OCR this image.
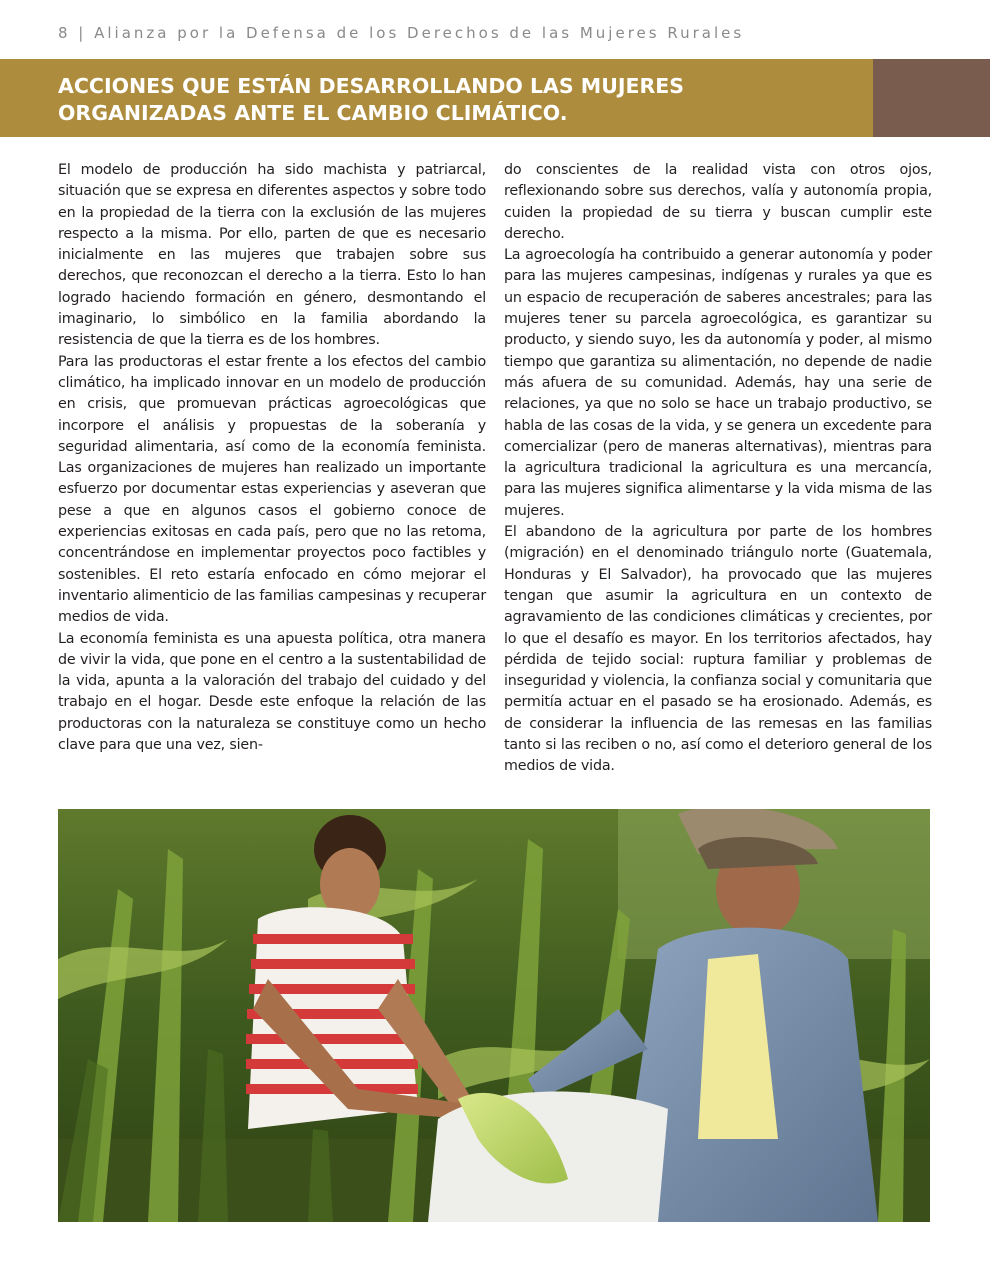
8 | Alianza por la Defensa de los Derechos de las Mujeres Rurales
ACCIONES QUE ESTÁN DESARROLLANDO LAS MUJERES ORGANIZADAS ANTE EL CAMBIO CLIMÁTICO.

El modelo de producción ha sido machista y patriarcal, situación que se expresa en diferentes aspectos y sobre todo en la propiedad de la tierra con la exclusión de las mujeres respecto a la misma. Por ello, parten de que es necesario inicialmente en las mujeres que trabajen sobre sus derechos, que reconozcan el derecho a la tierra. Esto lo han logrado haciendo formación en género, desmontando el imaginario, lo simbólico en la familia abordando la resistencia de que la tierra es de los hombres.

Para las productoras el estar frente a los efectos del cambio climático, ha implicado innovar en un modelo de producción en crisis, que promuevan prácticas agroecológicas que incorpore el análisis y propuestas de la soberanía y seguridad alimentaria, así como de la economía feminista. Las organizaciones de mujeres han realizado un importante esfuerzo por documentar estas experiencias y aseveran que pese a que en algunos casos el gobierno conoce de experiencias exitosas en cada país, pero que no las retoma, concentrándose en implementar proyectos poco factibles y sostenibles. El reto estaría enfocado en cómo mejorar el inventario alimenticio de las familias campesinas y recuperar medios de vida.

La economía feminista es una apuesta política, otra manera de vivir la vida, que pone en el centro a la sustentabilidad de la vida, apunta a la valoración del trabajo del cuidado y del trabajo en el hogar. Desde este enfoque la relación de las productoras con la naturaleza se constituye como un hecho clave para que una vez, sien-

do conscientes de la realidad vista con otros ojos, reflexionando sobre sus derechos, valía y autonomía propia, cuiden la propiedad de su tierra y buscan cumplir este derecho.

La agroecología ha contribuido a generar autonomía y poder para las mujeres campesinas, indígenas y rurales ya que es un espacio de recuperación de saberes ancestrales; para las mujeres tener su parcela agroecológica, es garantizar su producto, y siendo suyo, les da autonomía y poder, al mismo tiempo que garantiza su alimentación, no depende de nadie más afuera de su comunidad. Además, hay una serie de relaciones, ya que no solo se hace un trabajo productivo, se habla de las cosas de la vida, y se genera un excedente para comercializar (pero de maneras alternativas), mientras para la agricultura tradicional la agricultura es una mercancía, para las mujeres significa alimentarse y la vida misma de las mujeres.

El abandono de la agricultura por parte de los hombres (migración) en el denominado triángulo norte (Guatemala, Honduras y El Salvador), ha provocado que las mujeres tengan que asumir la agricultura en un contexto de agravamiento de las condiciones climáticas y crecientes, por lo que el desafío es mayor. En los territorios afectados, hay pérdida de tejido social: ruptura familiar y problemas de inseguridad y violencia, la confianza social y comunitaria que permitía actuar en el pasado se ha erosionado. Además, es de considerar la influencia de las remesas en las familias tanto si las reciben o no, así como el deterioro general de los medios de vida.
